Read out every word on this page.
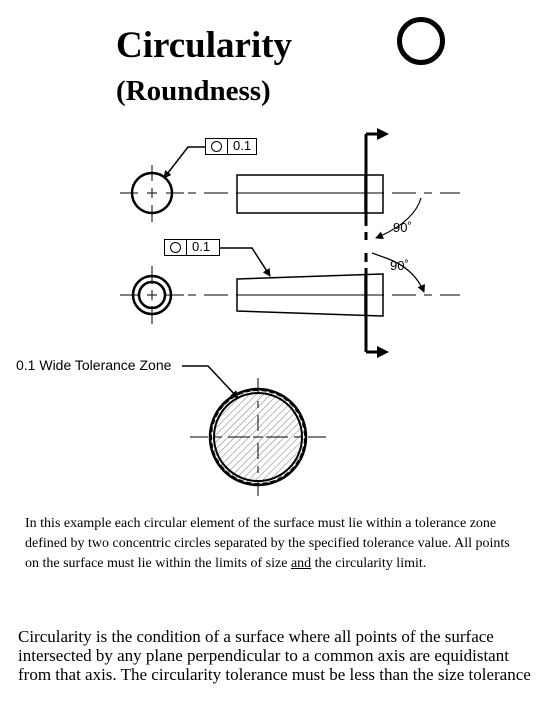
Circularity
(Roundness)
0.1
0.1
90˚
90˚
0.1 Wide Tolerance Zone
In this example each circular element of the surface must lie within a tolerance zone defined by two concentric circles separated by the specified tolerance value. All points on the surface must lie within the limits of size and the circularity limit.
Circularity is the condition of a surface where all points of the surface intersected by any plane perpendicular to a common axis are equidistant from that axis. The circularity tolerance must be less than the size tolerance
